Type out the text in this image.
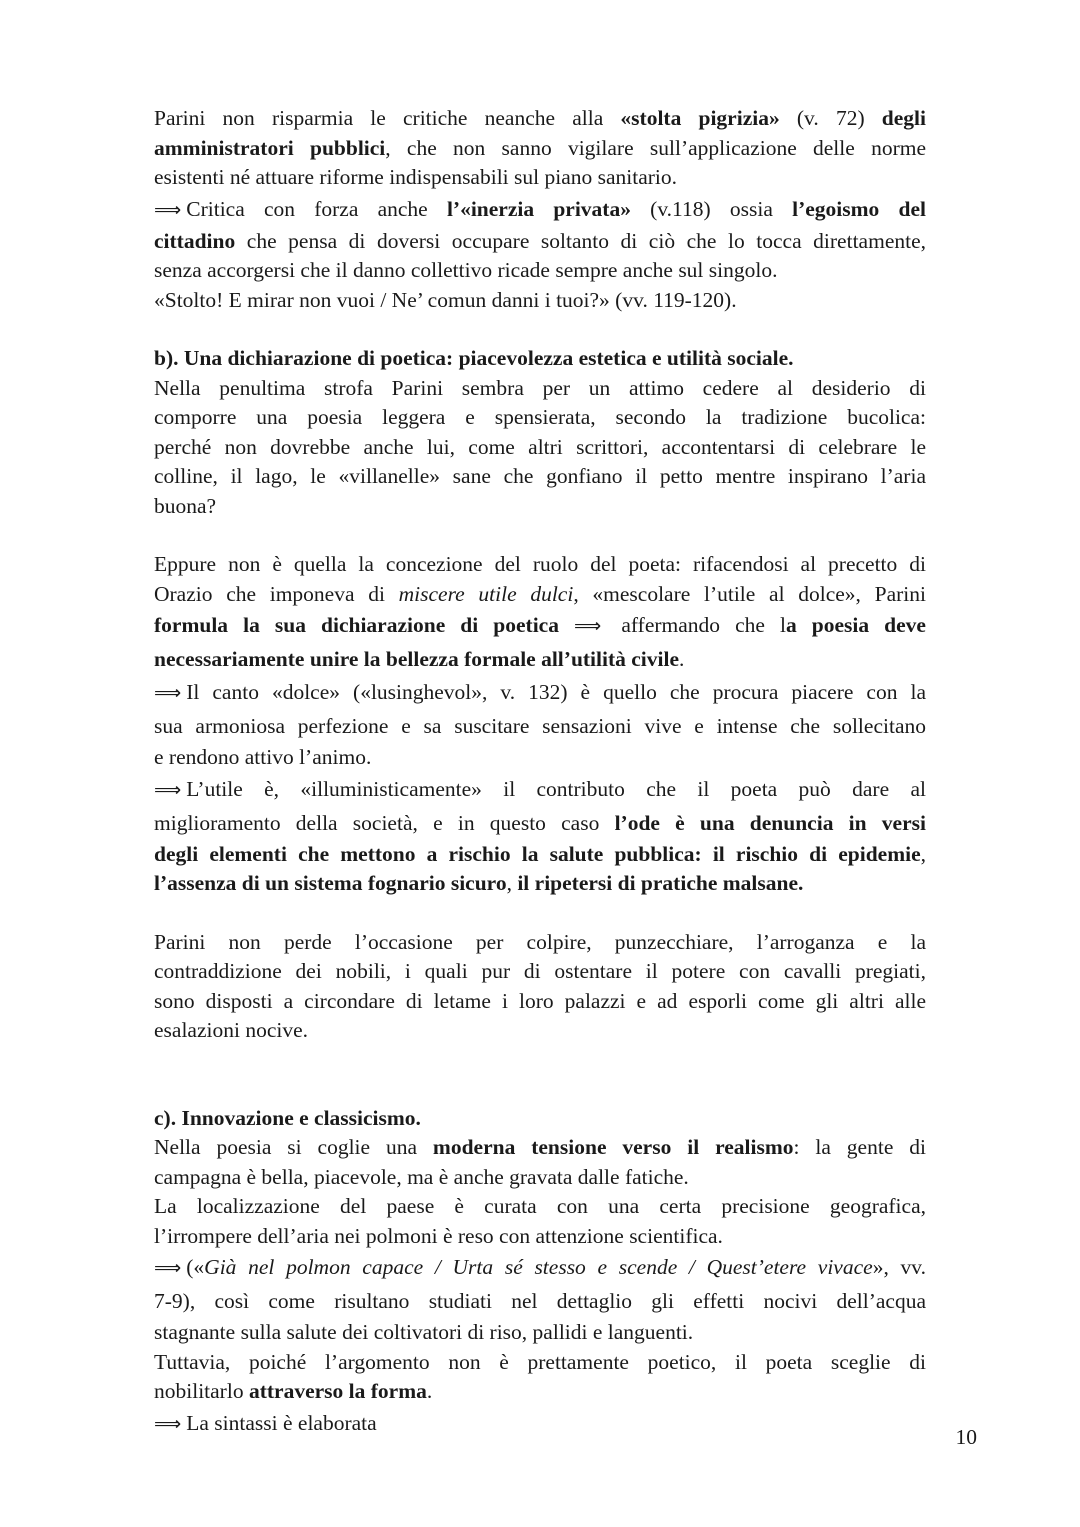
Parini non risparmia le critiche neanche alla «stolta pigrizia» (v. 72) degli
amministratori pubblici, che non sanno vigilare sull’applicazione delle norme
esistenti né attuare riforme indispensabili sul piano sanitario.
⟹ Critica con forza anche l’«inerzia privata» (v.118) ossia l’egoismo del
cittadino che pensa di doversi occupare soltanto di ciò che lo tocca direttamente,
senza accorgersi che il danno collettivo ricade sempre anche sul singolo.
«Stolto! E mirar non vuoi / Ne’ comun danni i tuoi?» (vv. 119-120).
b). Una dichiarazione di poetica: piacevolezza estetica e utilità sociale.
Nella penultima strofa Parini sembra per un attimo cedere al desiderio di
comporre una poesia leggera e spensierata, secondo la tradizione bucolica:
perché non dovrebbe anche lui, come altri scrittori, accontentarsi di celebrare le
colline, il lago, le «villanelle» sane che gonfiano il petto mentre inspirano l’aria
buona?
Eppure non è quella la concezione del ruolo del poeta: rifacendosi al precetto di
Orazio che imponeva di miscere utile dulci, «mescolare l’utile al dolce», Parini
formula la sua dichiarazione di poetica ⟹ affermando che la poesia deve
necessariamente unire la bellezza formale all’utilità civile.
⟹ Il canto «dolce» («lusinghevol», v. 132) è quello che procura piacere con la
sua armoniosa perfezione e sa suscitare sensazioni vive e intense che sollecitano
e rendono attivo l’animo.
⟹ L’utile è, «illuministicamente» il contributo che il poeta può dare al
miglioramento della società, e in questo caso l’ode è una denuncia in versi
degli elementi che mettono a rischio la salute pubblica: il rischio di epidemie,
l’assenza di un sistema fognario sicuro, il ripetersi di pratiche malsane.
Parini non perde l’occasione per colpire, punzecchiare, l’arroganza e la
contraddizione dei nobili, i quali pur di ostentare il potere con cavalli pregiati,
sono disposti a circondare di letame i loro palazzi e ad esporli come gli altri alle
esalazioni nocive.
c). Innovazione e classicismo.
Nella poesia si coglie una moderna tensione verso il realismo: la gente di
campagna è bella, piacevole, ma è anche gravata dalle fatiche.
La localizzazione del paese è curata con una certa precisione geografica,
l’irrompere dell’aria nei polmoni è reso con attenzione scientifica.
⟹ («Già nel polmon capace / Urta sé stesso e scende / Quest’etere vivace», vv.
7-9), così come risultano studiati nel dettaglio gli effetti nocivi dell’acqua
stagnante sulla salute dei coltivatori di riso, pallidi e languenti.
Tuttavia, poiché l’argomento non è prettamente poetico, il poeta sceglie di
nobilitarlo attraverso la forma.
⟹ La sintassi è elaborata
10
